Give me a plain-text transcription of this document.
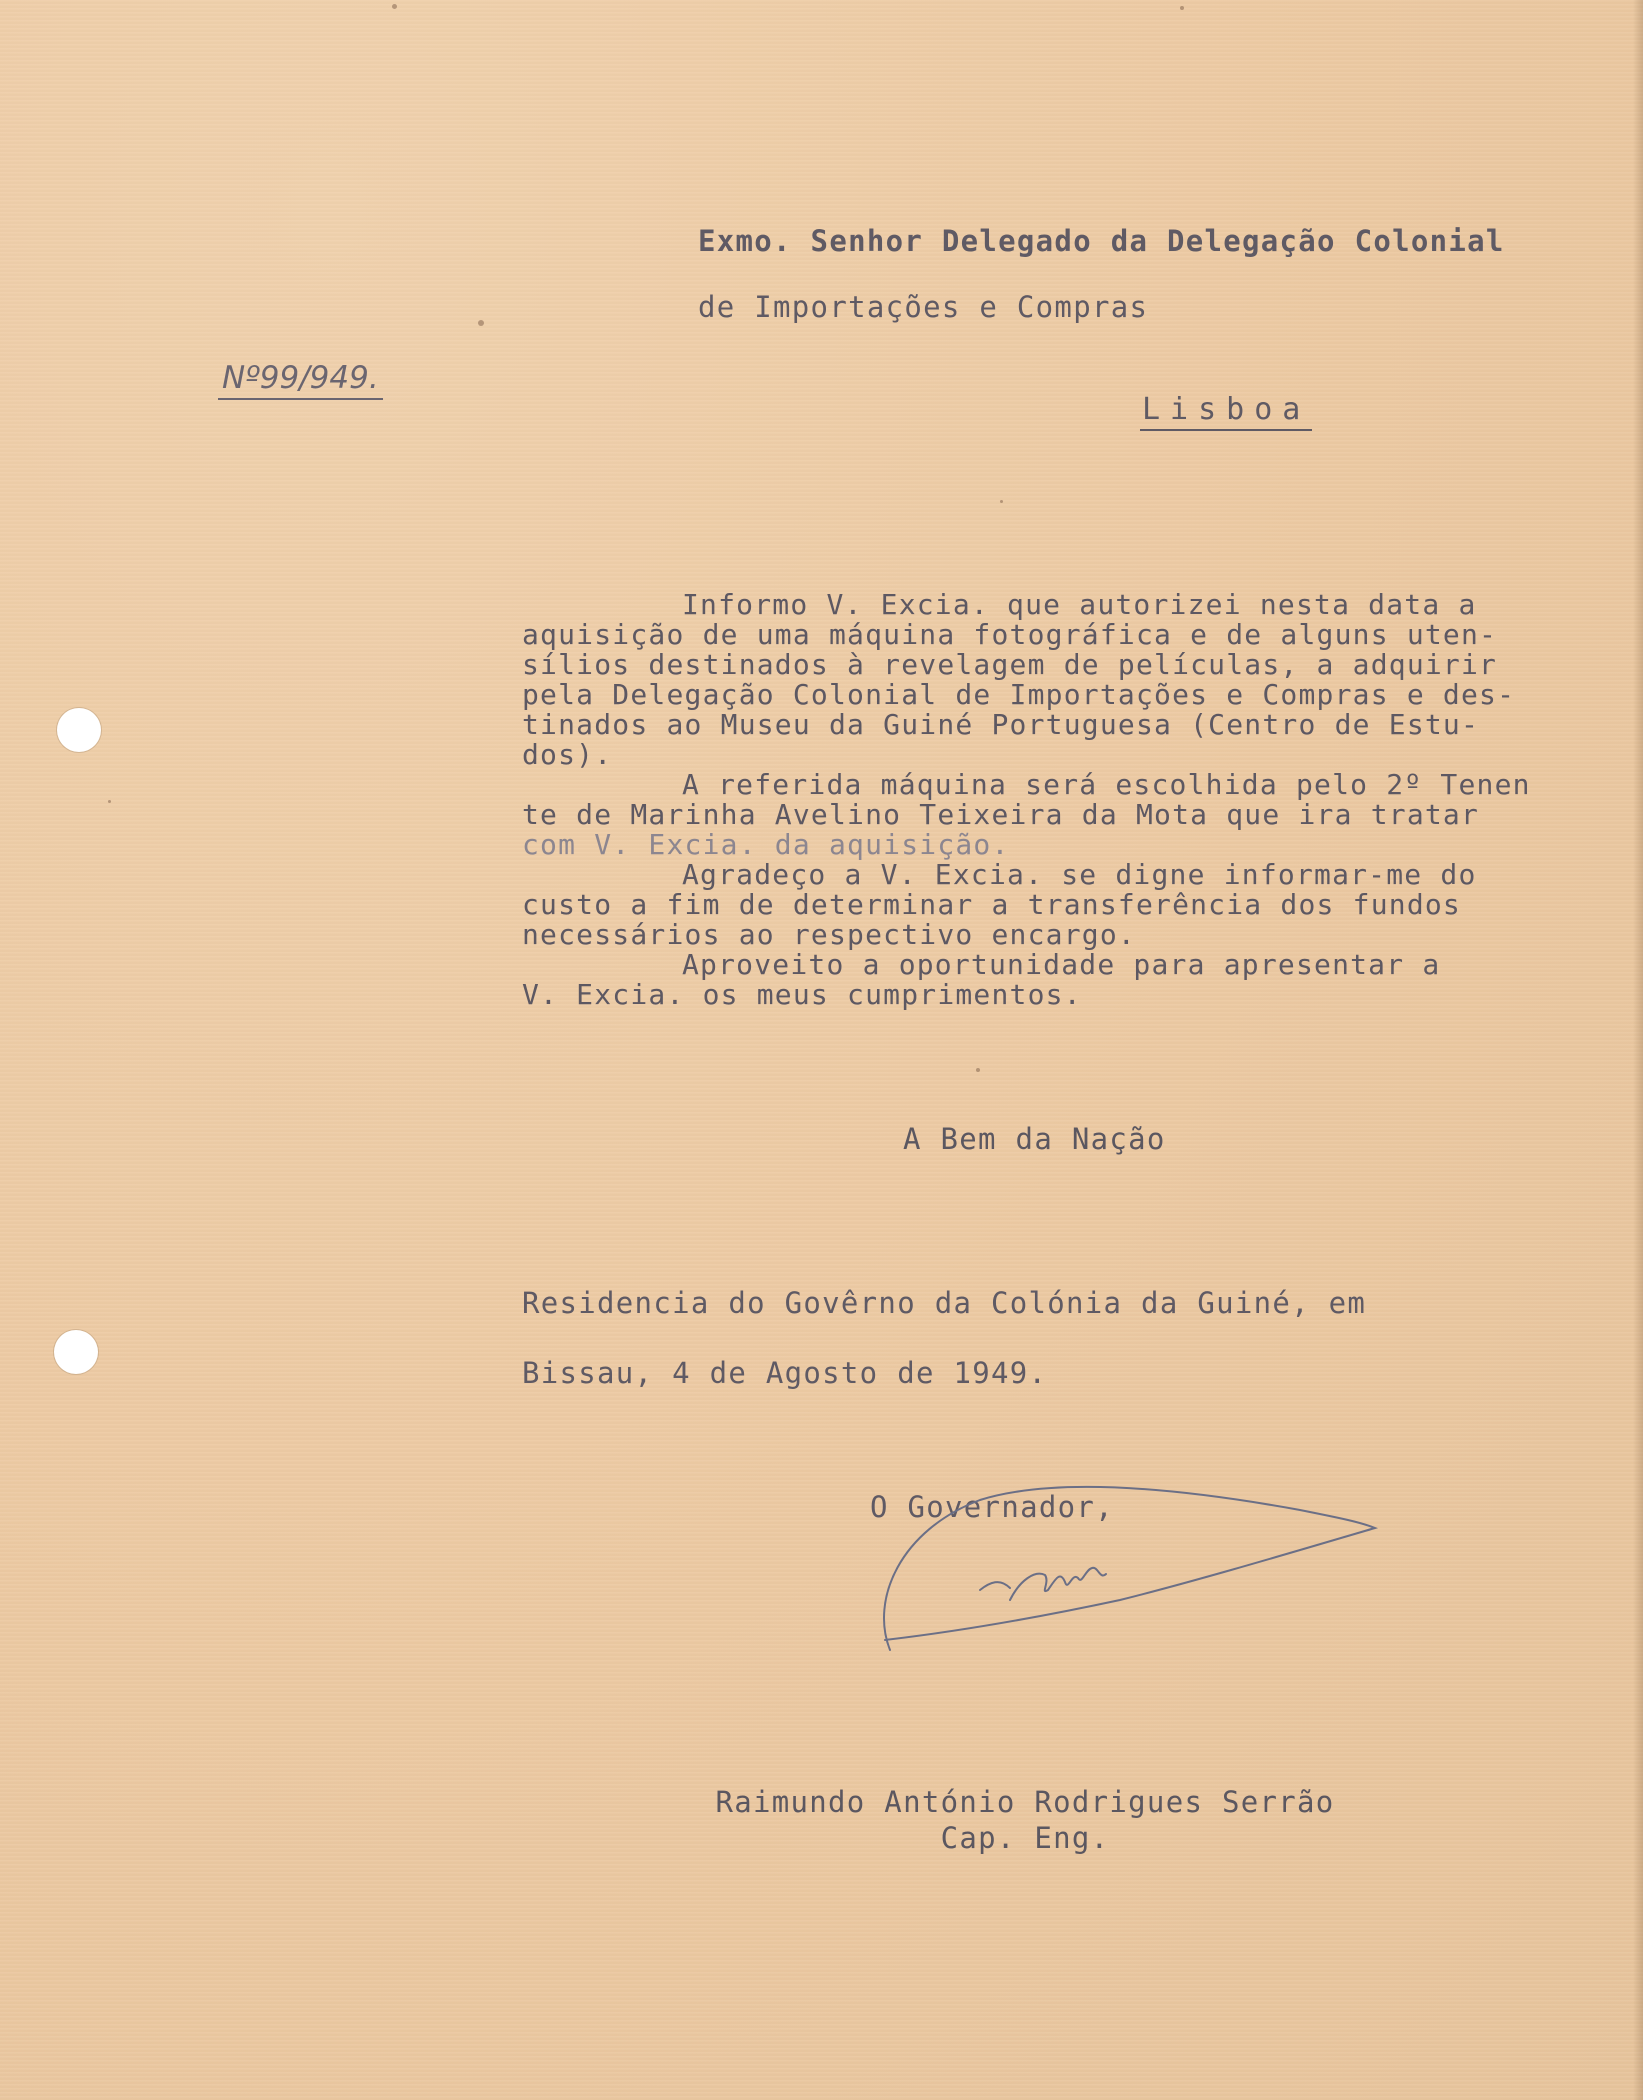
Exmo. Senhor Delegado da Delegação Colonial
de Importações e Compras
Nº99/949.
Lisboa
Informo V. Excia. que autorizei nesta data a
aquisição de uma máquina fotográfica e de alguns uten-
sílios destinados à revelagem de películas, a adquirir
pela Delegação Colonial de Importações e Compras e des-
tinados ao Museu da Guiné Portuguesa (Centro de Estu-
dos).
A referida máquina será escolhida pelo 2º Tenen
te de Marinha Avelino Teixeira da Mota que ira tratar
com V. Excia. da aquisição.
Agradeço a V. Excia. se digne informar-me do
custo a fim de determinar a transferência dos fundos
necessários ao respectivo encargo.
Aproveito a oportunidade para apresentar a
V. Excia. os meus cumprimentos.
A Bem da Nação
Residencia do Govêrno da Colónia da Guiné, em
Bissau, 4 de Agosto de 1949.
O Governador,
Raimundo António Rodrigues Serrão
Cap. Eng.
